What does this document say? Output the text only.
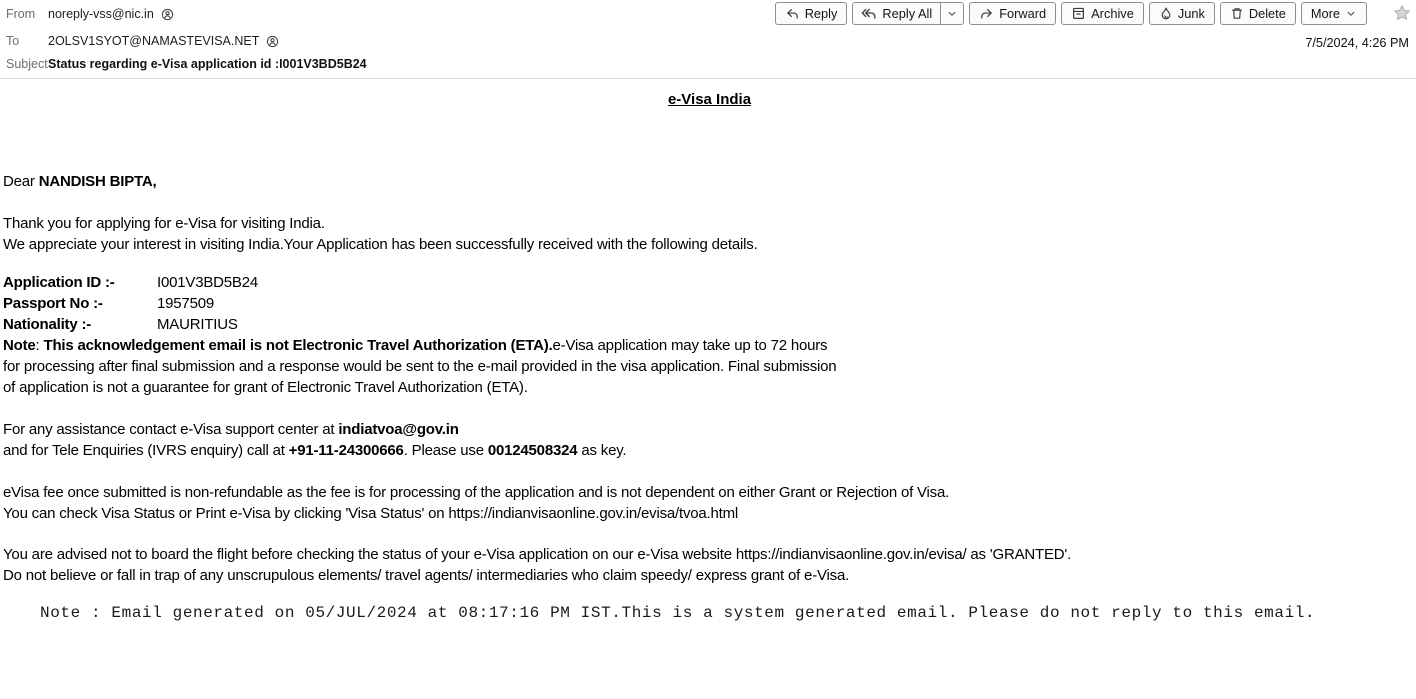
From	noreply-vss@nic.in
To	2OLSV1SYOT@NAMASTEVISA.NET
Subject Status regarding e-Visa application id :I001V3BD5B24
Reply	Reply All	Forward	Archive	Junk	Delete More
7/5/2024, 4:26 PM
e-Visa India
Dear NANDISH BIPTA,
Thank you for applying for e-Visa for visiting India.
We appreciate your interest in visiting India.Your Application has been successfully received with the following details.
Application ID :-	I001V3BD5B24
Passport No :-	1957509
Nationality :-	MAURITIUS
Note: This acknowledgement email is not Electronic Travel Authorization (ETA).e-Visa application may take up to 72 hours
for processing after final submission and a response would be sent to the e-mail provided in the visa application. Final submission
of application is not a guarantee for grant of Electronic Travel Authorization (ETA).
For any assistance contact e-Visa support center at indiatvoa@gov.in
and for Tele Enquiries (IVRS enquiry) call at +91-11-24300666. Please use 00124508324 as key.
eVisa fee once submitted is non-refundable as the fee is for processing of the application and is not dependent on either Grant or Rejection of Visa.
You can check Visa Status or Print e-Visa by clicking 'Visa Status' on https://indianvisaonline.gov.in/evisa/tvoa.html
You are advised not to board the flight before checking the status of your e-Visa application on our e-Visa website https://indianvisaonline.gov.in/evisa/ as 'GRANTED'.
Do not believe or fall in trap of any unscrupulous elements/ travel agents/ intermediaries who claim speedy/ express grant of e-Visa.
Note : Email generated on 05/JUL/2024 at 08:17:16 PM IST.This is a system generated email. Please do not reply to this email.
